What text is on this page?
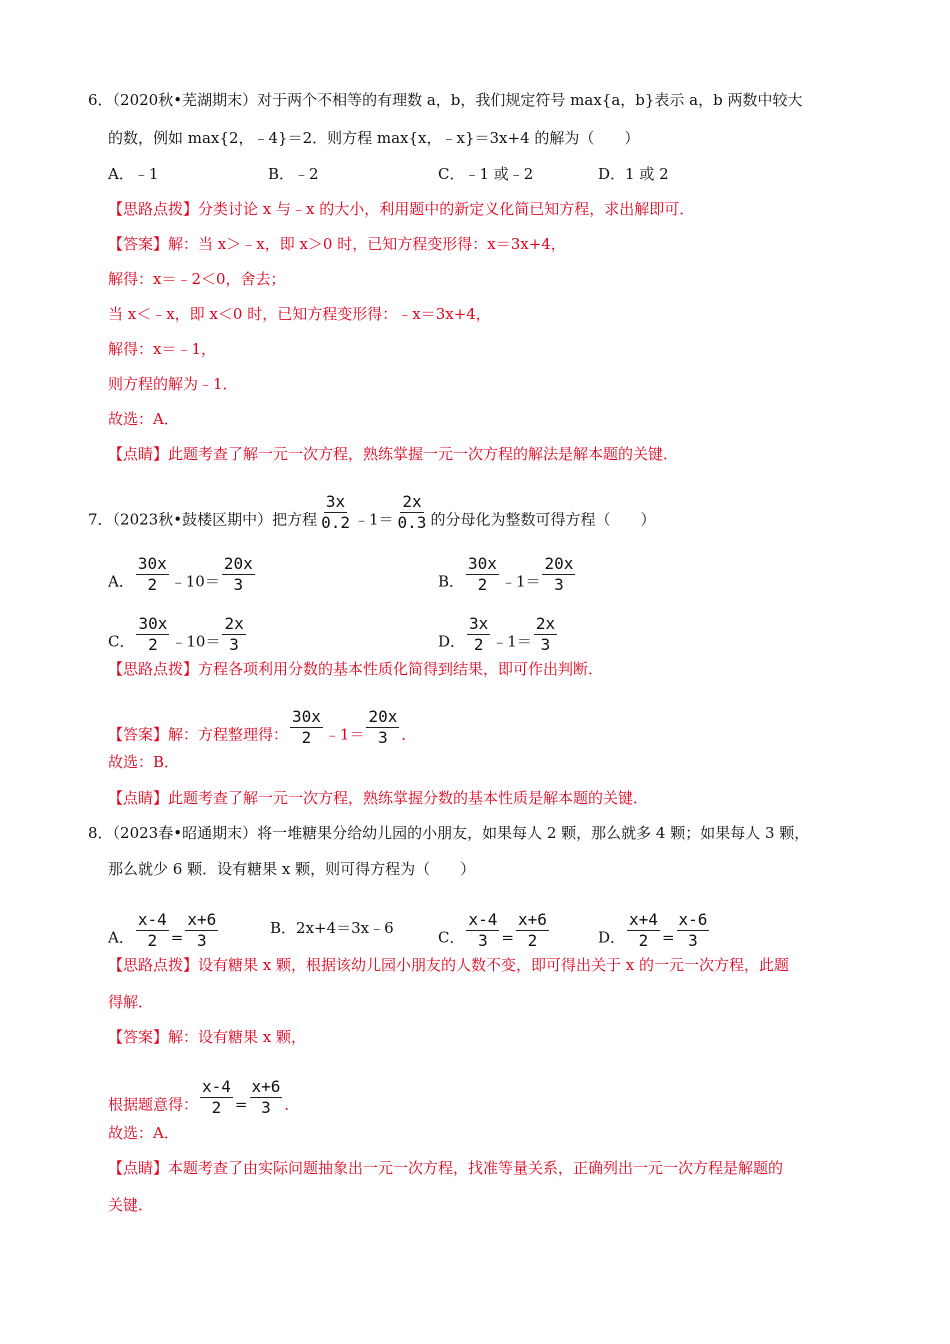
6．（2020秋•芜湖期末）对于两个不相等的有理数 a，b，我们规定符号 max{a，b}表示 a，b 两数中较大
的数，例如 max{2，﹣4}＝2．则方程 max{x，﹣x}＝3x+4 的解为（　　）
A．﹣1	B．﹣2	C．﹣1 或﹣2	D．1 或 2
【思路点拨】分类讨论 x 与﹣x 的大小，利用题中的新定义化简已知方程，求出解即可．
【答案】解：当 x＞﹣x，即 x＞0 时，已知方程变形得：x＝3x+4，
解得：x＝﹣2＜0，舍去；
当 x＜﹣x，即 x＜0 时，已知方程变形得：﹣x＝3x+4，
解得：x＝﹣1，
则方程的解为﹣1．
故选：A．
【点睛】此题考查了解一元一次方程，熟练掌握一元一次方程的解法是解本题的关键．
7．（2023秋•鼓楼区期中）把方程 $\frac{3x}{0.2}$ ﹣1＝ $\frac{2x}{0.3}$ 的分母化为整数可得方程（　　）
A． $\frac{30x}{2}$ ﹣10＝ $\frac{20x}{3}$	B． $\frac{30x}{2}$ ﹣1＝ $\frac{20x}{3}$
C． $\frac{30x}{2}$ ﹣10＝ $\frac{2x}{3}$	D． $\frac{3x}{2}$ ﹣1＝ $\frac{2x}{3}$
【思路点拨】方程各项利用分数的基本性质化简得到结果，即可作出判断．
【答案】解：方程整理得： $\frac{30x}{2}$ ﹣1＝ $\frac{20x}{3}$ ．
故选：B．
【点睛】此题考查了解一元一次方程，熟练掌握分数的基本性质是解本题的关键．
8．（2023春•昭通期末）将一堆糖果分给幼儿园的小朋友，如果每人 2 颗，那么就多 4 颗；如果每人 3 颗，
那么就少 6 颗．设有糖果 x 颗，则可得方程为（　　）
A． $\frac{x-4}{2} = \frac{x+6}{3}$	B．2x+4＝3x﹣6
C． $\frac{x-4}{3} = \frac{x+6}{2}$	D． $\frac{x+4}{2} = \frac{x-6}{3}$
【思路点拨】设有糖果 x 颗，根据该幼儿园小朋友的人数不变，即可得出关于 x 的一元一次方程，此题
得解．
【答案】解：设有糖果 x 颗，
根据题意得： $\frac{x-4}{2} = \frac{x+6}{3}$ ．
故选：A．
【点睛】本题考查了由实际问题抽象出一元一次方程，找准等量关系，正确列出一元一次方程是解题的
关键．
